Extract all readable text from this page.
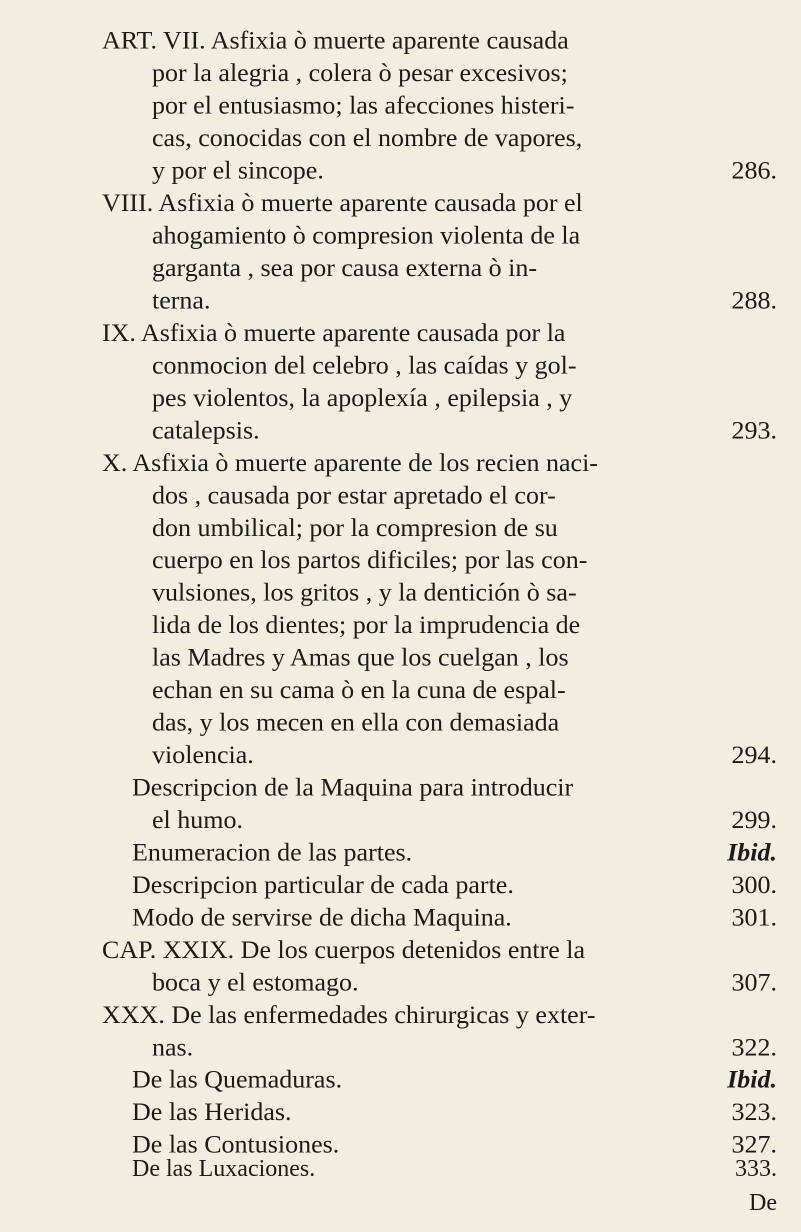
ART. VII. Asfixia ò muerte aparente causada
por la alegria , colera ò pesar excesivos;
por el entusiasmo; las afecciones histeri-
cas, conocidas con el nombre de vapores,
y por el sincope.	286.
VIII. Asfixia ò muerte aparente causada por el
ahogamiento ò compresion violenta de la
garganta , sea por causa externa ò in-
terna.	288.
IX. Asfixia ò muerte aparente causada por la
conmocion del celebro , las caídas y gol-
pes violentos, la apoplexía , epilepsia , y
catalepsis.	293.
X. Asfixia ò muerte aparente de los recien naci-
dos , causada por estar apretado el cor-
don umbilical; por la compresion de su
cuerpo en los partos dificiles; por las con-
vulsiones, los gritos , y la dentición ò sa-
lida de los dientes; por la imprudencia de
las Madres y Amas que los cuelgan , los
echan en su cama ò en la cuna de espal-
das, y los mecen en ella con demasiada
violencia.	294.
Descripcion de la Maquina para introducir
el humo.	299.
Enumeracion de las partes.	Ibid.
Descripcion particular de cada parte.	300.
Modo de servirse de dicha Maquina.	301.
CAP. XXIX. De los cuerpos detenidos entre la
boca y el estomago.	307.
XXX. De las enfermedades chirurgicas y exter-
nas.	322.
De las Quemaduras.	Ibid.
De las Heridas.	323.
De las Contusiones.	327.
De las Luxaciones.	333.
De
